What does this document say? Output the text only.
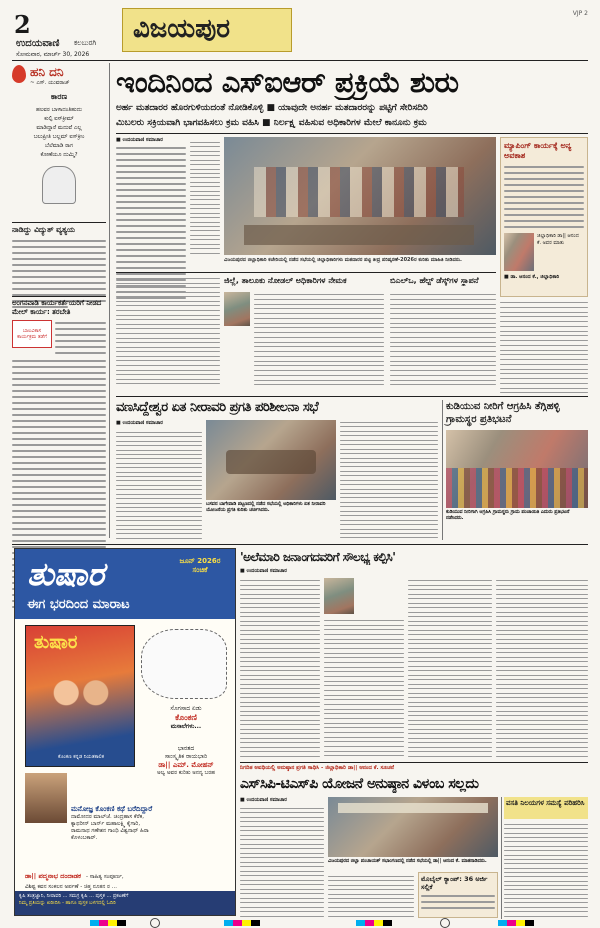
2
ಉದಯವಾಣಿ ಕಲಬುರಗಿ
ಸೋಮವಾರ, ಮಾರ್ಚ್ 30, 2026
ವಿಜಯಪುರ
VJP 2
ಹನಿ ದನಿ
~ ಎಸ್. ಯುವರಾಜ್
ಕಾರಣ
ಹಲವರ ಬಾಳಾದಂತಿಹುದು
ಕುಲ್ಫಿ ಐಸ್‌ಕ್ರೀಮ್
ಮಾಡಿದ್ದಾರೆ ಮದುವೆ ಎಲ್ಲ
ಬಲುಪ್ರೀತಿ ಬಲ್ಲಮ್ ಐಸ್‌ಕ್ರೀಂ
ಬೆಲೆಮಾಡಿ ರಾಗ
ಕೋಣೆಯೂ ದುಮ್ಮಿ?
ನಾಡಿದ್ದು ವಿದ್ಯುತ್ ವ್ಯತ್ಯಯ
ಅಂಗನವಾಡಿ ಕಾರ್ಯಕರ್ತೆಯರಿಗೆ ನೀಡದ ಮೇಲ್ ಕಾರ್ಯ: ತರಬೇತಿ
ಬಾಲವಿಕಾಸ ಕಾರ್ಯಕ್ರಮ ತಡೆಗೆ
ಇಂದಿನಿಂದ ಎಸ್‌ಐಆರ್ ಪ್ರಕ್ರಿಯೆ ಶುರು
ಅರ್ಹ ಮತದಾರರ ಹೊರಗುಳಿಯದಂತೆ ನೋಡಿಕೊಳ್ಳಿ ■ ಯಾವುದೇ ಅನರ್ಹ ಮತದಾರರನ್ನು ಪಟ್ಟಿಗೆ ಸೇರಿಸದಿರಿ
ಮಿಬಲರು ಸಕ್ರಿಯವಾಗಿ ಭಾಗವಹಿಸಲು ಕ್ರಮ ವಹಿಸಿ ■ ನಿರ್ಲಕ್ಷ್ಯ ವಹಿಸುವ ಅಧಿಕಾರಿಗಳ ಮೇಲೆ ಕಾನೂನು ಕ್ರಮ
■ ಉದಯವಾಣಿ ಸಮಾಚಾರ
ವಿಜಯಪುರದ ಜಿಲ್ಲಾಧಿಕಾರಿ ಕಚೇರಿಯಲ್ಲಿ ನಡೆದ ಸಭೆಯಲ್ಲಿ ಜಿಲ್ಲಾಧಿಕಾರಿಗಳು ಮತದಾರರ ಪಟ್ಟಿ ತೀವ್ರ ಪರಿಷ್ಕರಣೆ-2026ರ ಕುರಿತು ಮಾಹಿತಿ ನೀಡಿದರು.
ಮ್ಯಾಪಿಂಗ್ ಕಾರ್ಯಕ್ಕೆ ಅನ್ಯ ಅವಕಾಶ
ಜಿಲ್ಲಾಧಿಕಾರಿ ಡಾ|| ಆನಂದ ಕೆ. ಅವರ ಮಾತು
■ ಡಾ. ಆನಂದ ಕೆ., ಜಿಲ್ಲಾಧಿಕಾರಿ
ಜಿಲ್ಲೆ, ತಾಲೂಕು ನೋಡಲ್ ಅಧಿಕಾರಿಗಳ ನೇಮಕ	ಬಿಎಲ್‌ಒ, ಹೆಲ್ಪ್ ಡೆಸ್ಕ್‌ಗಳ ಸ್ಥಾಪನೆ
ವಣಸಿದ್ದೇಶ್ವರ ಏತ ನೀರಾವರಿ ಪ್ರಗತಿ ಪರಿಶೀಲನಾ ಸಭೆ
■ ಉದಯವಾಣಿ ಸಮಾಚಾರ
ಬಸವನ ಬಾಗೇವಾಡಿ ಪಟ್ಟಣದಲ್ಲಿ ನಡೆದ ಸಭೆಯಲ್ಲಿ ಅಧಿಕಾರಿಗಳು ಏತ ನೀರಾವರಿ ಯೋಜನೆಯ ಪ್ರಗತಿ ಕುರಿತು ಚರ್ಚಿಸಿದರು.
ಕುಡಿಯುವ ನೀರಿಗೆ ಆಗ್ರಹಿಸಿ ತೆಗ್ಗಿಹಳ್ಳಿ ಗ್ರಾಮಸ್ಥರ ಪ್ರತಿಭಟನೆ
ಕುಡಿಯುವ ನೀರಿಗಾಗಿ ಆಗ್ರಹಿಸಿ ಗ್ರಾಮಸ್ಥರು ಗ್ರಾಮ ಪಂಚಾಯಿತಿ ಎದುರು ಪ್ರತಿಭಟನೆ ನಡೆಸಿದರು.
ತುಷಾರ	ಜೂನ್ 2026ರ ಸಂಚಿಕೆ
ಈಗ ಭರದಿಂದ ಮಾರಾಟ
ತುಷಾರ
ಕೊಂಕಣ ಕನ್ನಡ ನಿಯತಕಾಲಿಕ
ಸೊಗಸಾದ ಏಡು
ಕೊಂಕಣಿ
ಮಸಾಲೆಗಳು...
ಭಾರತದ
ಸಾಂಸ್ಕೃತಿಕ ರಾಯಭಾರಿ
ಡಾ|| ಎಮ್. ಮೋಹನ್
ಅಲ್ವ ಅವರ ಕುರಿತು ಅನನ್ಯ ಬರಹ
ಮನೋಜ್ಞ ಕೊಂಕಣಿ ಕಥೆ ಬರೆದಿದ್ದಾರೆ
ದಾಮೋದರ ಮಾಲ್‌ಜೆ. ಚಂದ್ರಹಾಸ ಕೆರೆಕ,
ಕ್ಯಾಥರೀನ್ ಬಾರ್ನ್ ಮಹಾಲಕ್ಷ್ಮಿ ಕೈಗಾರಿ,
ರಾಮನಾಥ ಗಣೇಶನ ಗಾಂಧಿ ವಿಶ್ವನಾಥ್ ಹಿರಾ
ಕೊಳಂಬಕಾರ್.
ಡಾ|| ಪದ್ಮನಾಭ ದಂದಾಡಕ - ಸಾಹಿತ್ಯ ಸಂಪೂರ್ಣ,
ವಿಶಿಷ್ಟ ಕವನ ಸಂಕಲನ ಅರ್ಪಣೆ - ಚಿತ್ತ ನೂತನ ರ ...
ಕೃಷಿ ತಂತ್ರಜ್ಞಾನಿ, ನೀರಾವರಿ ... ಸಮಗ್ರ ಕೃಷಿ ... ಪುಸ್ತಕ ... ಪ್ರಕಟಣೆಗೆ
ನಿಮ್ಮ ಪ್ರತಿಯನ್ನು ಖರೀದಿಸಿ - ಹಾಗೂ ಪುಸ್ತಕ ಬಳಗದಲ್ಲಿ ಓದಿರಿ
'ಅಲೆಮಾರಿ ಜನಾಂಗದವರಿಗೆ ಸೌಲಭ್ಯ ಕಲ್ಪಿಸಿ'
■ ಉದಯವಾಣಿ ಸಮಾಚಾರ
ನಿಗದಿತ ಅವಧಿಯಲ್ಲಿ ಅನುಷ್ಠಾನ ಪ್ರಗತಿ ಸಾಧಿಸಿ - ಜಿಲ್ಲಾಧಿಕಾರಿ ಡಾ|| ಆನಂದ ಕೆ. ಸೂಚನೆ
ಎಸ್‌ಸಿಪಿ-ಟಿಎಸ್‌ಪಿ ಯೋಜನೆ ಅನುಷ್ಠಾನ ವಿಳಂಬ ಸಲ್ಲದು
■ ಉದಯವಾಣಿ ಸಮಾಚಾರ
ವಿಜಯಪುರದ ಜಿಲ್ಲಾ ಪಂಚಾಯತ್ ಸಭಾಂಗಣದಲ್ಲಿ ನಡೆದ ಸಭೆಯಲ್ಲಿ ಡಾ|| ಆನಂದ ಕೆ. ಮಾತನಾಡಿದರು.
ಮೊಬೈಲ್ ಕ್ಯಾಂಪ್: 36 ಅರ್ಜಿ ಸಲ್ಲಿಕೆ
ವಸತಿ ನಿಲಯಗಳ ಸಮಸ್ಯೆ ಪರಿಹರಿಸಿ
